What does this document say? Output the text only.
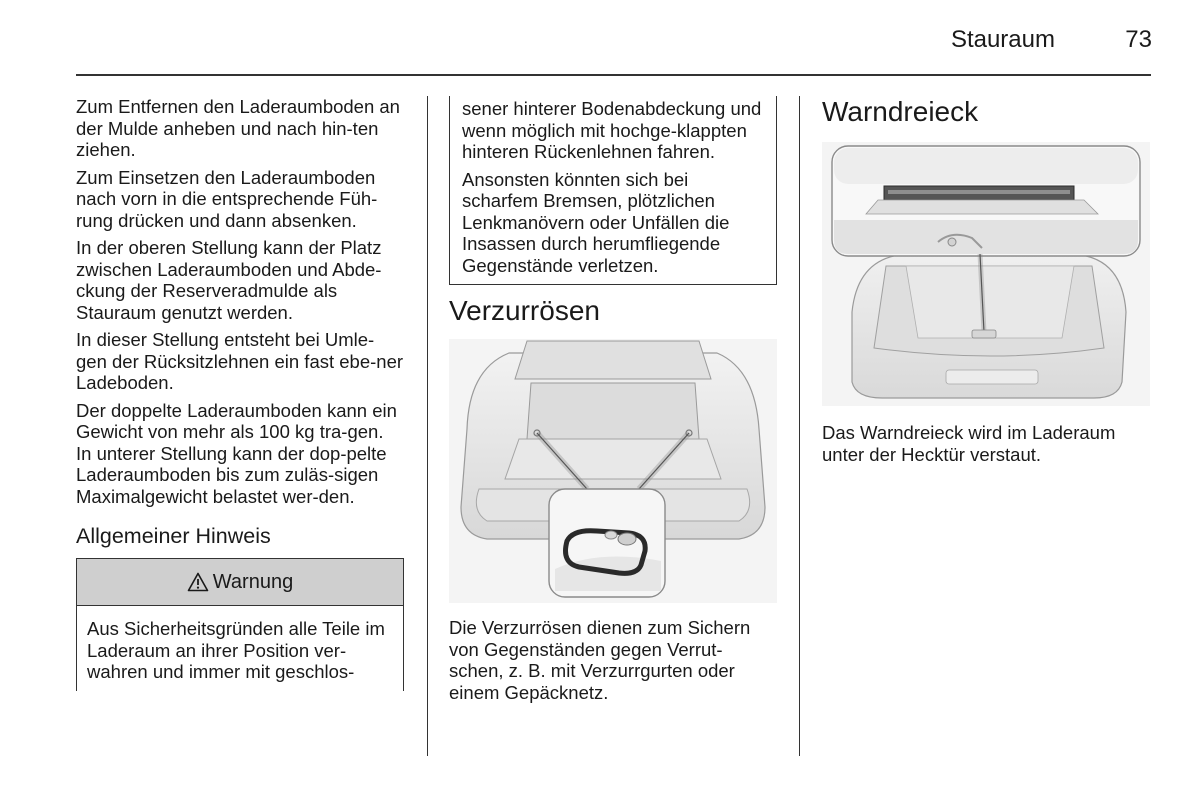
Stauraum	73

Zum Entfernen den Laderaumboden an der Mulde anheben und nach hin-ten ziehen.

Zum Einsetzen den Laderaumboden nach vorn in die entsprechende Füh-rung drücken und dann absenken.

In der oberen Stellung kann der Platz zwischen Laderaumboden und Abde-ckung der Reserveradmulde als Stauraum genutzt werden.

In dieser Stellung entsteht bei Umle-gen der Rücksitzlehnen ein fast ebe-ner Ladeboden.

Der doppelte Laderaumboden kann ein Gewicht von mehr als 100 kg tra-gen. In unterer Stellung kann der dop-pelte Laderaumboden bis zum zuläs-sigen Maximalgewicht belastet wer-den.

Allgemeiner Hinweis
Warnung

Aus Sicherheitsgründen alle Teile im Laderaum an ihrer Position ver-wahren und immer mit geschlos-

sener hinterer Bodenabdeckung und wenn möglich mit hochge-klappten hinteren Rückenlehnen fahren.

Ansonsten könnten sich bei scharfem Bremsen, plötzlichen Lenkmanövern oder Unfällen die Insassen durch herumfliegende Gegenstände verletzen.

Verzurrösen

Die Verzurrösen dienen zum Sichern von Gegenständen gegen Verrut-schen, z. B. mit Verzurrgurten oder einem Gepäcknetz.

Warndreieck

Das Warndreieck wird im Laderaum unter der Hecktür verstaut.
